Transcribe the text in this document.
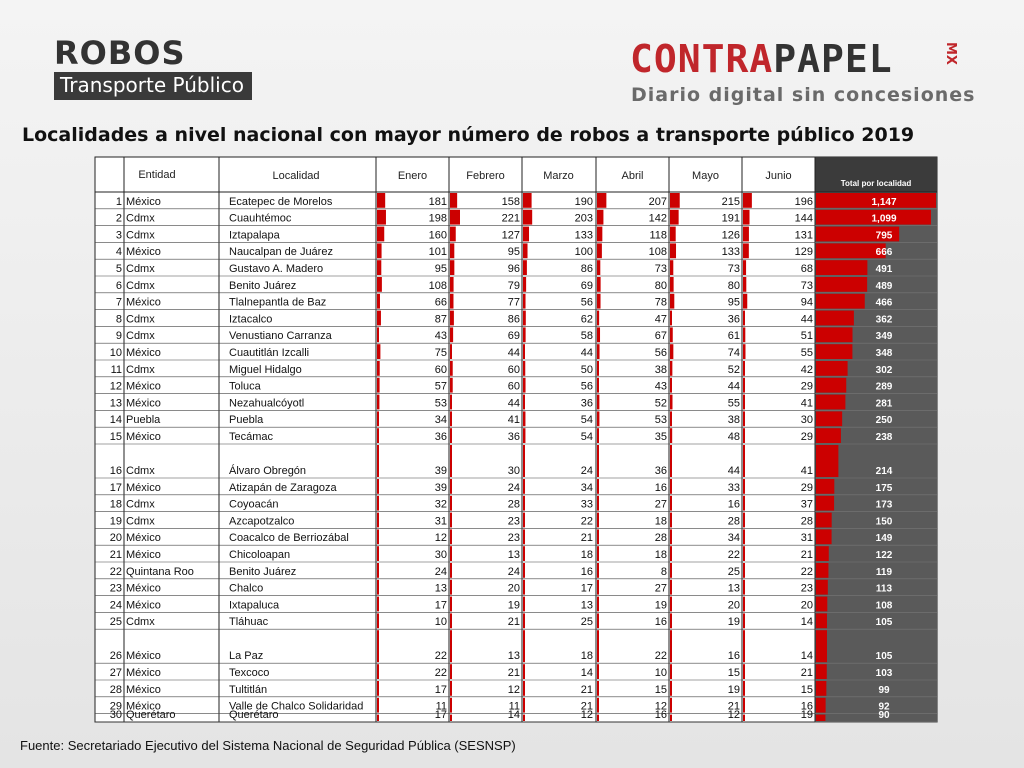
ROBOS
Transporte Público
CONTRAPAPEL	MX
Diario digital sin concesiones
Localidades a nivel nacional con mayor número de robos a transporte público 2019
Entidad	Localidad	Enero	Febrero	Marzo	Abril	Mayo	Junio
Total por localidad
1 México	Ecatepec de Morelos	181	158	190	207	215	196	1,147
2 Cdmx	Cuauhtémoc	198	221	203	142	191	144	1,099
3 Cdmx	Iztapalapa	160	127	133	118	126	131	795
4 México	Naucalpan de Juárez	101	95	100	108	133	129	666
5 Cdmx	Gustavo A. Madero	95	96	86	73	73	68	491
6 Cdmx	Benito Juárez	108	79	69	80	80	73	489
7 México	Tlalnepantla de Baz	66	77	56	78	95	94	466
8 Cdmx	Iztacalco	87	86	62	47	36	44	362
9 Cdmx	Venustiano Carranza	43	69	58	67	61	51	349
10 México	Cuautitlán Izcalli	75	44	44	56	74	55	348
11 Cdmx	Miguel Hidalgo	60	60	50	38	52	42	302
12 México	Toluca	57	60	56	43	44	29	289
13 México	Nezahualcóyotl	53	44	36	52	55	41	281
14 Puebla	Puebla	34	41	54	53	38	30	250
15 México	Tecámac	36	36	54	35	48	29	238
16 Cdmx	Álvaro Obregón	39	30	24	36	44	41	214
17 México	Atizapán de Zaragoza	39	24	34	16	33	29	175
18 Cdmx	Coyoacán	32	28	33	27	16	37	173
19 Cdmx	Azcapotzalco	31	23	22	18	28	28	150
20 México	Coacalco de Berriozábal	12	23	21	28	34	31	149
21 México	Chicoloapan	30	13	18	18	22	21	122
22 Quintana Roo	Benito Juárez	24	24	16	8	25	22	119
23 México	Chalco	13	20	17	27	13	23	113
24 México	Ixtapaluca	17	19	13	19	20	20	108
25 Cdmx	Tláhuac	10	21	25	16	19	14	105
26 México	La Paz	22	13	18	22	16	14	105
27 México	Texcoco	22	21	14	10	15	21	103
28 México	Tultitlán	17	12	21	15	19	15	99
29 México	Valle de Chalco Solidaridad	11	11	21	12	21	16	92
30 Querétaro	Querétaro	17	14	12	16	12	19	90
Fuente: Secretariado Ejecutivo del Sistema Nacional de Seguridad Pública (SESNSP)
